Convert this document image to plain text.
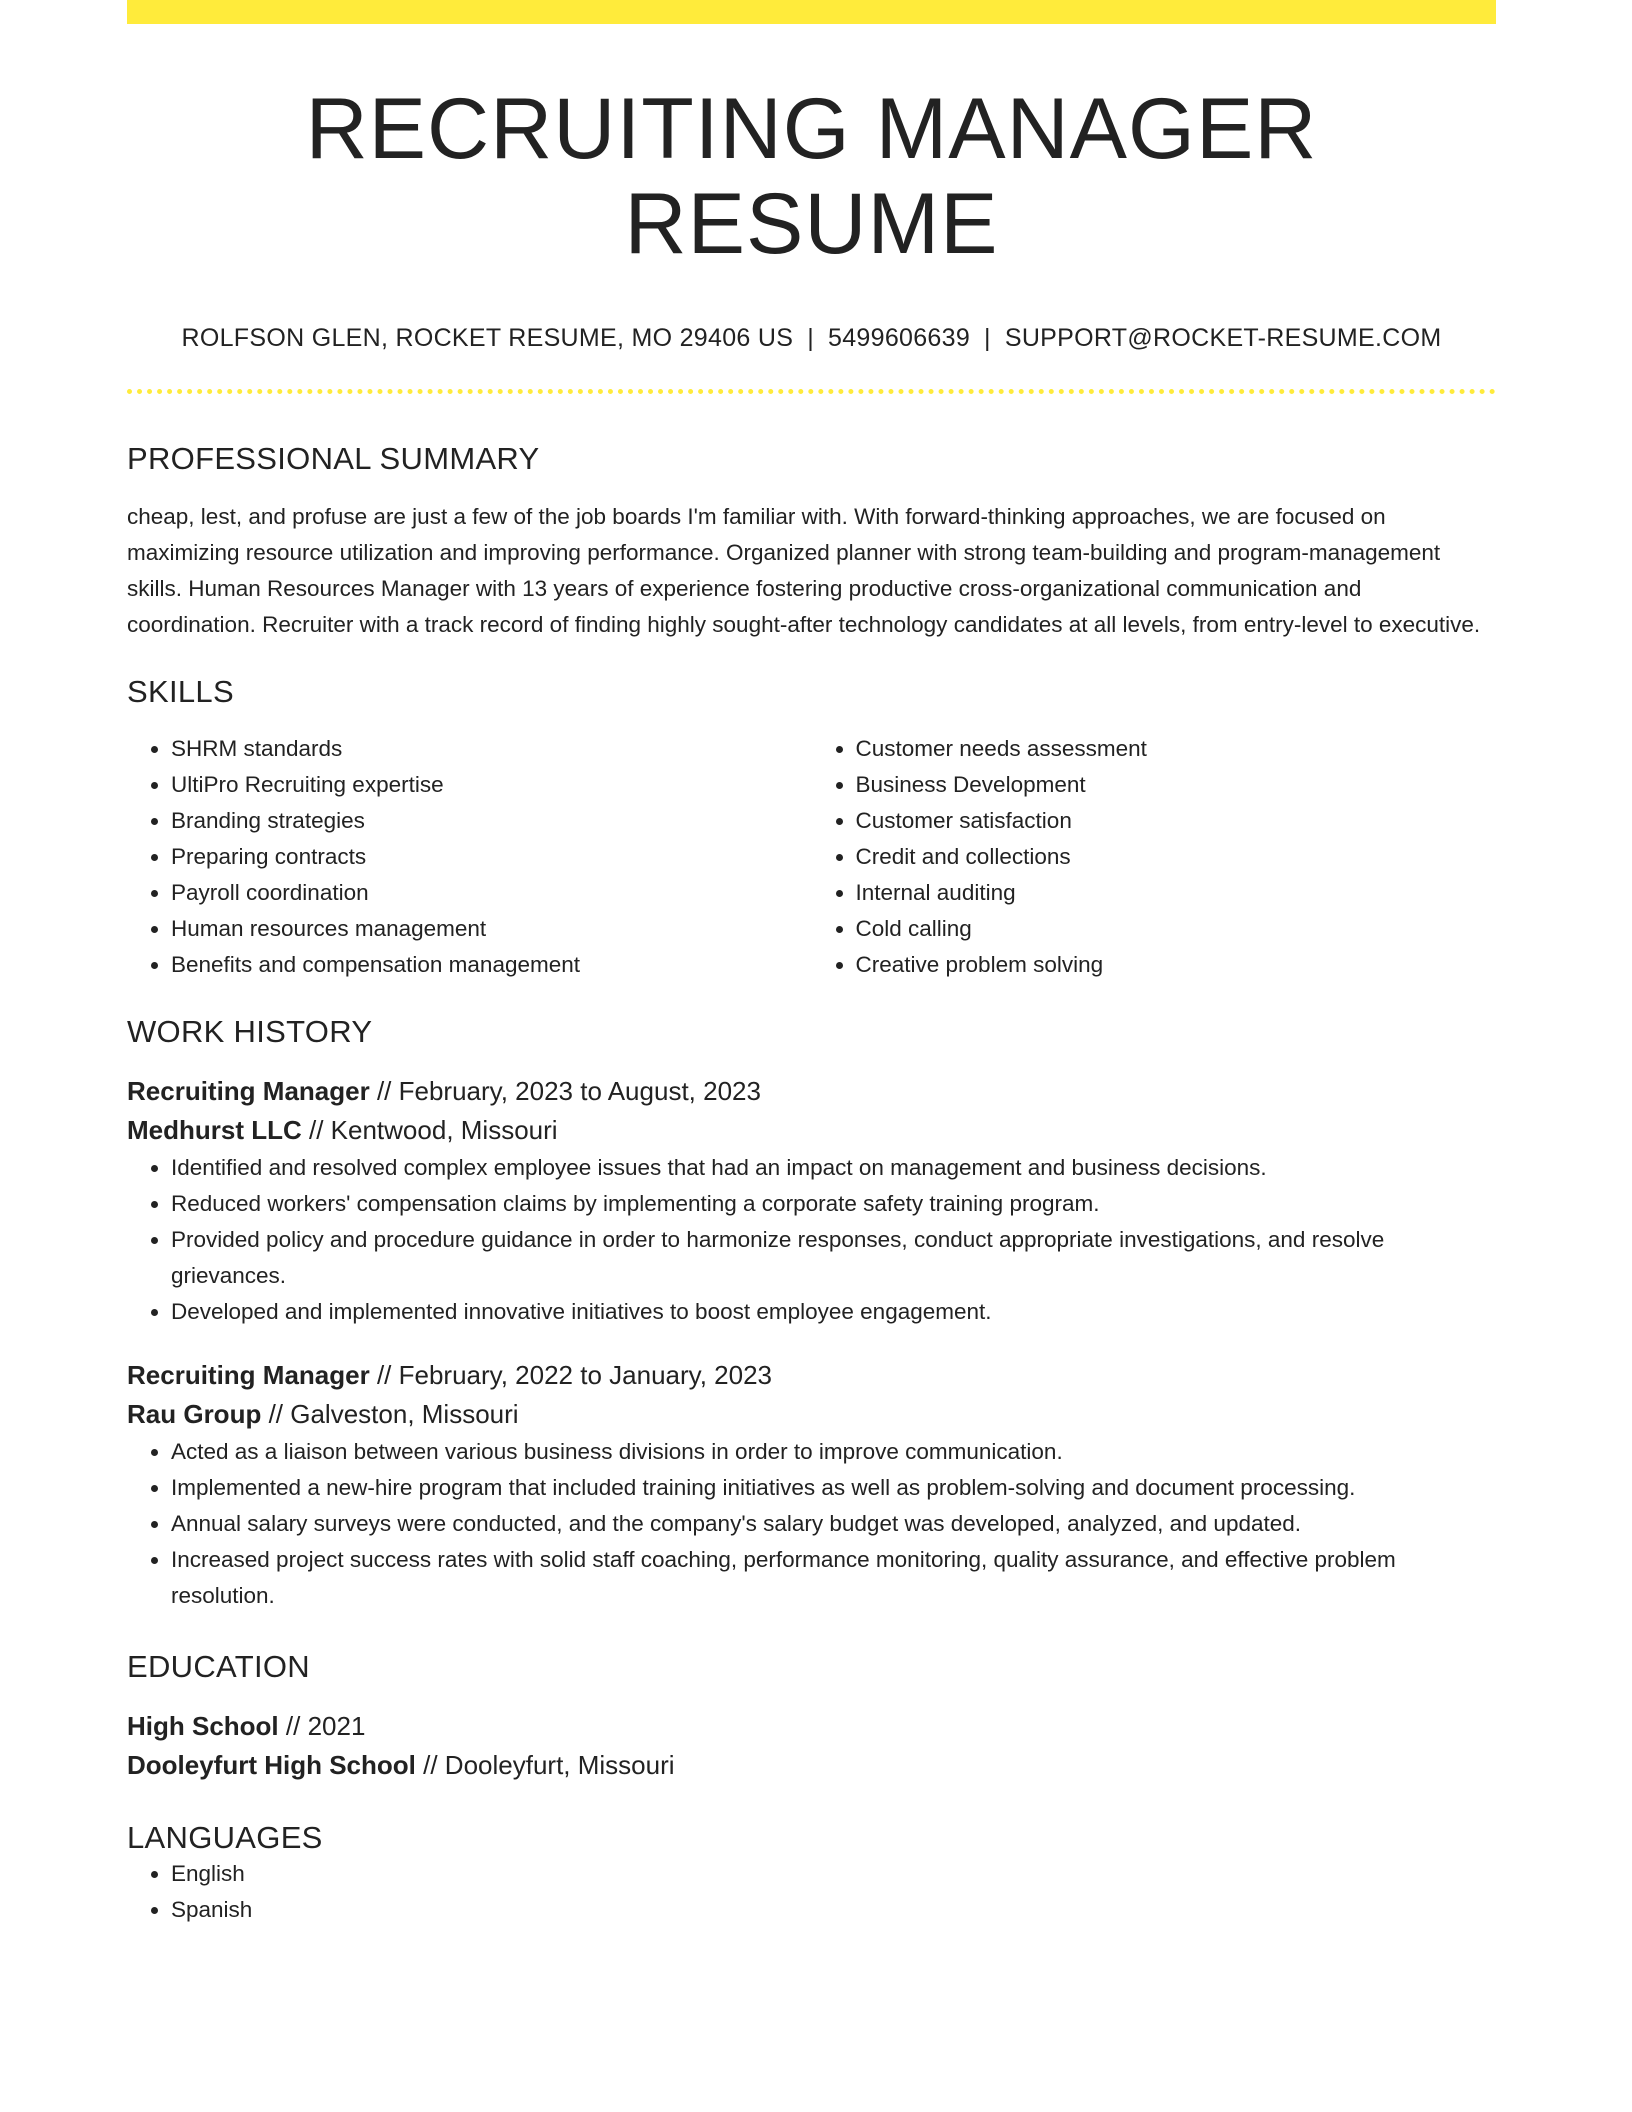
RECRUITING MANAGER RESUME
ROLFSON GLEN, ROCKET RESUME, MO 29406 US | 5499606639 | SUPPORT@ROCKET-RESUME.COM
PROFESSIONAL SUMMARY

cheap, lest, and profuse are just a few of the job boards I'm familiar with. With forward-thinking approaches, we are focused on maximizing resource utilization and improving performance. Organized planner with strong team-building and program-management skills. Human Resources Manager with 13 years of experience fostering productive cross-organizational communication and coordination. Recruiter with a track record of finding highly sought-after technology candidates at all levels, from entry-level to executive.

SKILLS
• SHRM standards
• UltiPro Recruiting expertise
• Branding strategies
• Preparing contracts
• Payroll coordination
• Human resources management
• Benefits and compensation management
• Customer needs assessment
• Business Development
• Customer satisfaction
• Credit and collections
• Internal auditing
• Cold calling
• Creative problem solving
WORK HISTORY
Recruiting Manager // February, 2023 to August, 2023
Medhurst LLC // Kentwood, Missouri
• Identified and resolved complex employee issues that had an impact on management and business decisions.
• Reduced workers' compensation claims by implementing a corporate safety training program.
• Provided policy and procedure guidance in order to harmonize responses, conduct appropriate investigations, and resolve grievances.
• Developed and implemented innovative initiatives to boost employee engagement.
Recruiting Manager // February, 2022 to January, 2023
Rau Group // Galveston, Missouri
• Acted as a liaison between various business divisions in order to improve communication.
• Implemented a new-hire program that included training initiatives as well as problem-solving and document processing.
• Annual salary surveys were conducted, and the company's salary budget was developed, analyzed, and updated.
• Increased project success rates with solid staff coaching, performance monitoring, quality assurance, and effective problem resolution.
EDUCATION
High School // 2021
Dooleyfurt High School // Dooleyfurt, Missouri
LANGUAGES
• English
• Spanish
